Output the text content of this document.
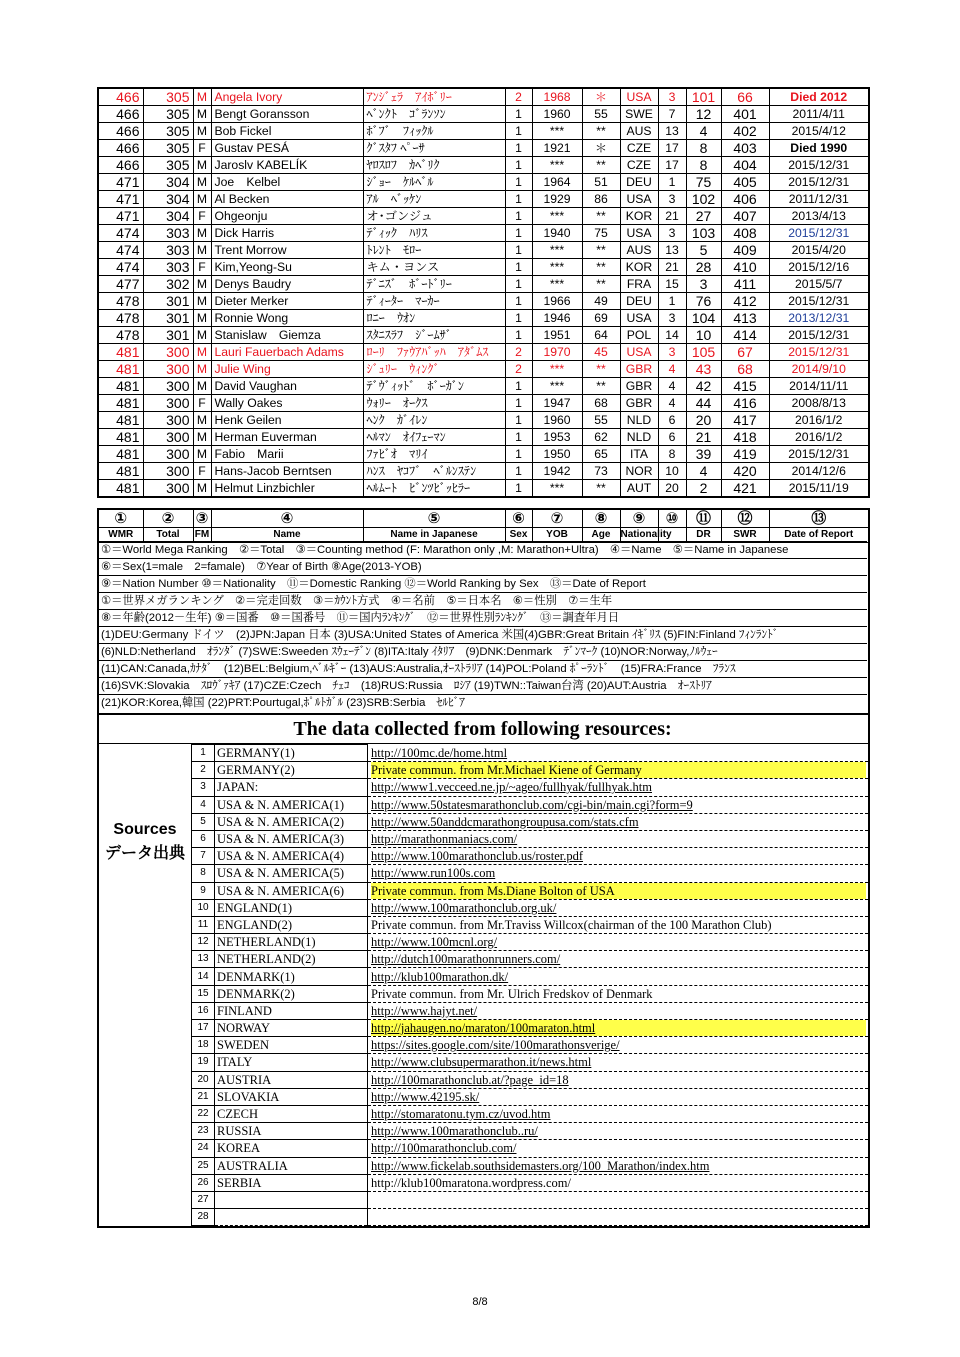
466	305	M	Angela Ivory	ｱﾝｼﾞｪﾗ　ｱｲﾎﾞﾘｰ	2	1968	＊	USA	3	101	66	Died 2012
466	305	M	Bengt Goransson	ﾍﾞﾝｸﾄ　ｺﾞﾗﾝｿﾝ	1	1960	55	SWE	7	12	401	2011/4/11
466	305	M	Bob Fickel	ﾎﾞﾌﾞ　ﾌｨｯｸﾙ	1	***	**	AUS	13	4	402	2015/4/12
466	305	F	Gustav PESÁ	ｸﾞｽﾀﾌ ﾍﾟｰｻ	1	1921	＊	CZE	17	8	403	Died 1990
466	305	M	Jaroslv KABELÍK	ﾔﾛｽﾛﾌ　ｶﾍﾞﾘｸ	1	***	**	CZE	17	8	404	2015/12/31
471	304	M	Joe　Kelbel	ｼﾞｮｰ　ｹﾙﾍﾞﾙ	1	1964	51	DEU	1	75	405	2015/12/31
471	304	M	Al Becken	ｱﾙ　ﾍﾞｯｹﾝ	1	1929	86	USA	3	102	406	2011/12/31
471	304	F	Ohgeonju	オ･ゴンジュ	1	***	**	KOR	21	27	407	2013/4/13
474	303	M	Dick Harris	ﾃﾞｨｯｸ　ﾊﾘｽ	1	1940	75	USA	3	103	408	2015/12/31
474	303	M	Trent Morrow	ﾄﾚﾝﾄ　ﾓﾛｰ	1	***	**	AUS	13	5	409	2015/4/20
474	303	F	Kim,Yeong-Su	キム・ヨンス	1	***	**	KOR	21	28	410	2015/12/16
477	302	M	Denys Baudry	ﾃﾞﾆｽﾞ　ﾎﾞｰﾄﾞﾘｰ	1	***	**	FRA	15	3	411	2015/5/7
478	301	M	Dieter Merker	ﾃﾞｨｰﾀｰ　ﾏｰｶｰ	1	1966	49	DEU	1	76	412	2015/12/31
478	301	M	Ronnie Wong	ﾛﾆｰ　ｳｵﾝ	1	1946	69	USA	3	104	413	2013/12/31
478	301	M	Stanislaw　Giemza	ｽﾀﾆｽﾗﾌ　ｼﾞｰﾑｻﾞ	1	1951	64	POL	14	10	414	2015/12/31
481	300	M	Lauri Fauerbach Adams	ﾛｰﾘ　ﾌｧｳｱﾊﾞｯﾊ　ｱﾀﾞﾑｽ	2	1970	45	USA	3	105	67	2015/12/31
481	300	M	Julie Wing	ｼﾞｭﾘｰ　ｳｨﾝｸﾞ	2	***	**	GBR	4	43	68	2014/9/10
481	300	M	David Vaughan	ﾃﾞｳﾞｨｯﾄﾞ　ﾎﾞｰｶﾞﾝ	1	***	**	GBR	4	42	415	2014/11/11
481	300	F	Wally Oakes	ｳｫﾘｰ　ｵｰｸｽ	1	1947	68	GBR	4	44	416	2008/8/13
481	300	M	Henk Geilen	ﾍﾝｸ　ｶﾞｲﾚﾝ	1	1960	55	NLD	6	20	417	2016/1/2
481	300	M	Herman Euverman	ﾍﾙﾏﾝ　ｵｲﾌｪｰﾏﾝ	1	1953	62	NLD	6	21	418	2016/1/2
481	300	M	Fabio　Marii	ﾌｧﾋﾞｵ　ﾏﾘｲ	1	1950	65	ITA	8	39	419	2015/12/31
481	300	F	Hans-Jacob Berntsen	ﾊﾝｽ　ﾔｺﾌﾞ　ﾍﾞﾙﾝｽﾃﾝ	1	1942	73	NOR	10	4	420	2014/12/6
481	300	M	Helmut Linzbichler	ﾍﾙﾑｰﾄ　ﾋﾞﾝﾂﾋﾞｯﾋﾗｰ	1	***	**	AUT	20	2	421	2015/11/19
①	②	③	④	⑤	⑥	⑦	⑧	⑨	⑩	⑪	⑫	⑬
WMR	Total	FM	Name	Name in Japanese	Sex	YOB	Age	Nationality		DR	SWR	Date of Report
①＝World Mega Ranking　②＝Total　③＝Counting method (F: Marathon only ,M: Marathon+Ultra)　④＝Name　⑤＝Name in Japanese
⑥＝Sex(1=male　2=famale)　⑦Year of Birth ⑧Age(2013-YOB)
⑨＝Nation Number ⑩＝Nationality　⑪＝Domestic Ranking ⑫＝World Ranking by Sex　⑬＝Date of Report
①＝世界メガランキング　②＝完走回数　③＝ｶｳﾝﾄ方式　④＝名前　⑤＝日本名　⑥＝性別　⑦＝生年
⑧＝年齢(2012－生年) ⑨＝国番　⑩＝国番号　⑪＝国内ﾗﾝｷﾝｸﾞ　⑫＝世界性別ﾗﾝｷﾝｸﾞ　⑬＝調査年月日
(1)DEU:Germany ドイツ　(2)JPN:Japan 日本 (3)USA:United States of America 米国(4)GBR:Great Britain ｲｷﾞﾘｽ (5)FIN:Finland ﾌｨﾝﾗﾝﾄﾞ
(6)NLD:Netherland　ｵﾗﾝﾀﾞ (7)SWE:Sweeden ｽｳｪｰﾃﾞﾝ (8)ITA:Italy ｲﾀﾘｱ　(9)DNK:Denmark　ﾃﾞﾝﾏｰｸ (10)NOR:Norway,ﾉﾙｳｪｰ
(11)CAN:Canada,ｶﾅﾀﾞ　(12)BEL:Belgium,ﾍﾞﾙｷﾞｰ (13)AUS:Australia,ｵｰｽﾄﾗﾘｱ (14)POL:Poland ﾎﾟｰﾗﾝﾄﾞ　(15)FRA:France　ﾌﾗﾝｽ
(16)SVK:Slovakia　ｽﾛｳﾞｧｷｱ (17)CZE:Czech　ﾁｪｺ　(18)RUS:Russia　ﾛｼｱ (19)TWN::Taiwan台湾 (20)AUT:Austria　ｵｰｽﾄﾘｱ
(21)KOR:Korea,韓国 (22)PRT:Pourtugal,ﾎﾟﾙﾄｶﾞﾙ (23)SRB:Serbia　ｾﾙﾋﾞｱ
The data collected from following resources:
Sources
データ出典
1	GERMANY(1)	http://100mc.de/home.html
2	GERMANY(2)	Private commun. from Mr.Michael Kiene of Germany
3	JAPAN:	http://www1.vecceed.ne.jp/~ageo/fullhyak/fullhyak.htm
4	USA & N. AMERICA(1)	http://www.50statesmarathonclub.com/cgi-bin/main.cgi?form=9
5	USA & N. AMERICA(2)	http://www.50anddcmarathongroupusa.com/stats.cfm
6	USA & N. AMERICA(3)	http://marathonmaniacs.com/
7	USA & N. AMERICA(4)	http://www.100marathonclub.us/roster.pdf
8	USA & N. AMERICA(5)	http://www.run100s.com
9	USA & N. AMERICA(6)	Private commun. from Ms.Diane Bolton of USA
10	ENGLAND(1)	http://www.100marathonclub.org.uk/
11	ENGLAND(2)	Private commun. from Mr.Traviss Willcox(chairman of the 100 Marathon Club)
12	NETHERLAND(1)	http://www.100mcnl.org/
13	NETHERLAND(2)	http://dutch100marathonrunners.com/
14	DENMARK(1)	http://klub100marathon.dk/
15	DENMARK(2)	Private commun. from Mr. Ulrich Fredskov of Denmark
16	FINLAND	http://www.hajyt.net/
17	NORWAY	http://jahaugen.no/maraton/100maraton.html
18	SWEDEN	https://sites.google.com/site/100marathonsverige/
19	ITALY	http://www.clubsupermarathon.it/news.html
20	AUSTRIA	http://100marathonclub.at/?page_id=18
21	SLOVAKIA	http://www.42195.sk/
22	CZECH	http://stomaratonu.tym.cz/uvod.htm
23	RUSSIA	http://www.100marathonclub..ru/
24	KOREA	http://100marathonclub.com/
25	AUSTRALIA	http://www.fickelab.southsidemasters.org/100_Marathon/index.htm
26	SERBIA	http://klub100maratona.wordpress.com/
27		
28		
8/8
